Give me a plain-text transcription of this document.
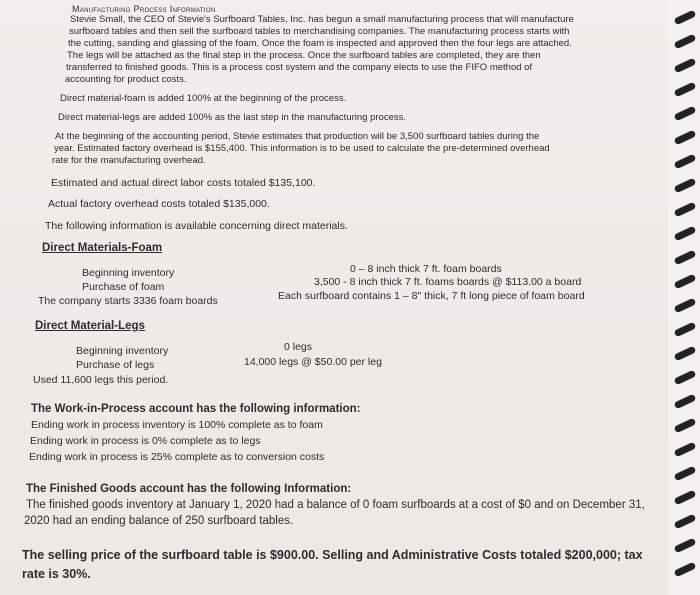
Manufacturing Process Information

Stevie Small, the CEO of Stevie's Surfboard Tables, Inc. has begun a small manufacturing process that will manufacture

surfboard tables and then sell the surfboard tables to merchandising companies. The manufacturing process starts with

the cutting, sanding and glassing of the foam. Once the foam is inspected and approved then the four legs are attached.

The legs will be attached as the final step in the process. Once the surfboard tables are completed, they are then

transferred to finished goods. This is a process cost system and the company elects to use the FIFO method of

accounting for product costs.

Direct material-foam is added 100% at the beginning of the process.

Direct material-legs are added 100% as the last step in the manufacturing process.

At the beginning of the accounting period, Stevie estimates that production will be 3,500 surfboard tables during the

year. Estimated factory overhead is $155,400. This information is to be used to calculate the pre-determined overhead

rate for the manufacturing overhead.

Estimated and actual direct labor costs totaled $135,100.

Actual factory overhead costs totaled $135,000.

The following information is available concerning direct materials.

Direct Materials-Foam

Beginning inventory	0 – 8 inch thick 7 ft. foam boards

Purchase of foam	3,500 - 8 inch thick 7 ft. foams boards @ $113.00 a board

The company starts 3336 foam boards	Each surfboard contains 1 – 8" thick, 7 ft long piece of foam board

Direct Material-Legs

Beginning inventory	0 legs

Purchase of legs	14,000 legs @ $50.00 per leg

Used 11,600 legs this period.

The Work-in-Process account has the following information:

Ending work in process inventory is 100% complete as to foam

Ending work in process is 0% complete as to legs

Ending work in process is 25% complete as to conversion costs

The Finished Goods account has the following Information:

The finished goods inventory at January 1, 2020 had a balance of 0 foam surfboards at a cost of $0 and on December 31,

2020 had an ending balance of 250 surfboard tables.

The selling price of the surfboard table is $900.00. Selling and Administrative Costs totaled $200,000; tax

rate is 30%.
